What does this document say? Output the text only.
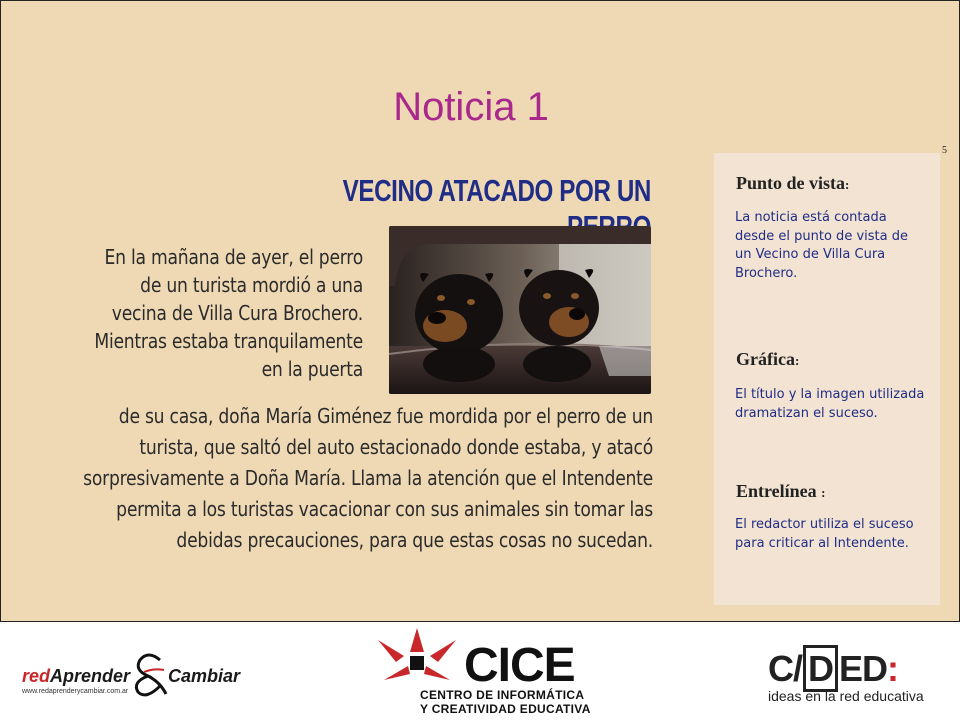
5
Noticia 1
VECINO ATACADO POR UN
En la mañana de ayer, el perro de un turista mordió a una vecina de Villa Cura Brochero. Mientras estaba tranquilamente en la puerta
de su casa, doña María Giménez fue mordida por el perro de un turista, que saltó del auto estacionado donde estaba, y atacó sorpresivamente a Doña María. Llama la atención que el Intendente permita a los turistas vacacionar con sus animales sin tomar las debidas precauciones, para que estas cosas no sucedan.
Punto de vista:
La noticia está contada desde el punto de vista de un Vecino de Villa Cura Brochero.
Gráfica:
El título y la imagen utilizada dramatizan el suceso.
Entrelínea :
El redactor utiliza el suceso para criticar al Intendente.
redAprender Cambiar
www.redaprenderycambiar.com.ar	CICE
CENTRO DE INFORMÁTICA
Y CREATIVIDAD EDUCATIVA
C/ D ED:
ideas en la red educativa
